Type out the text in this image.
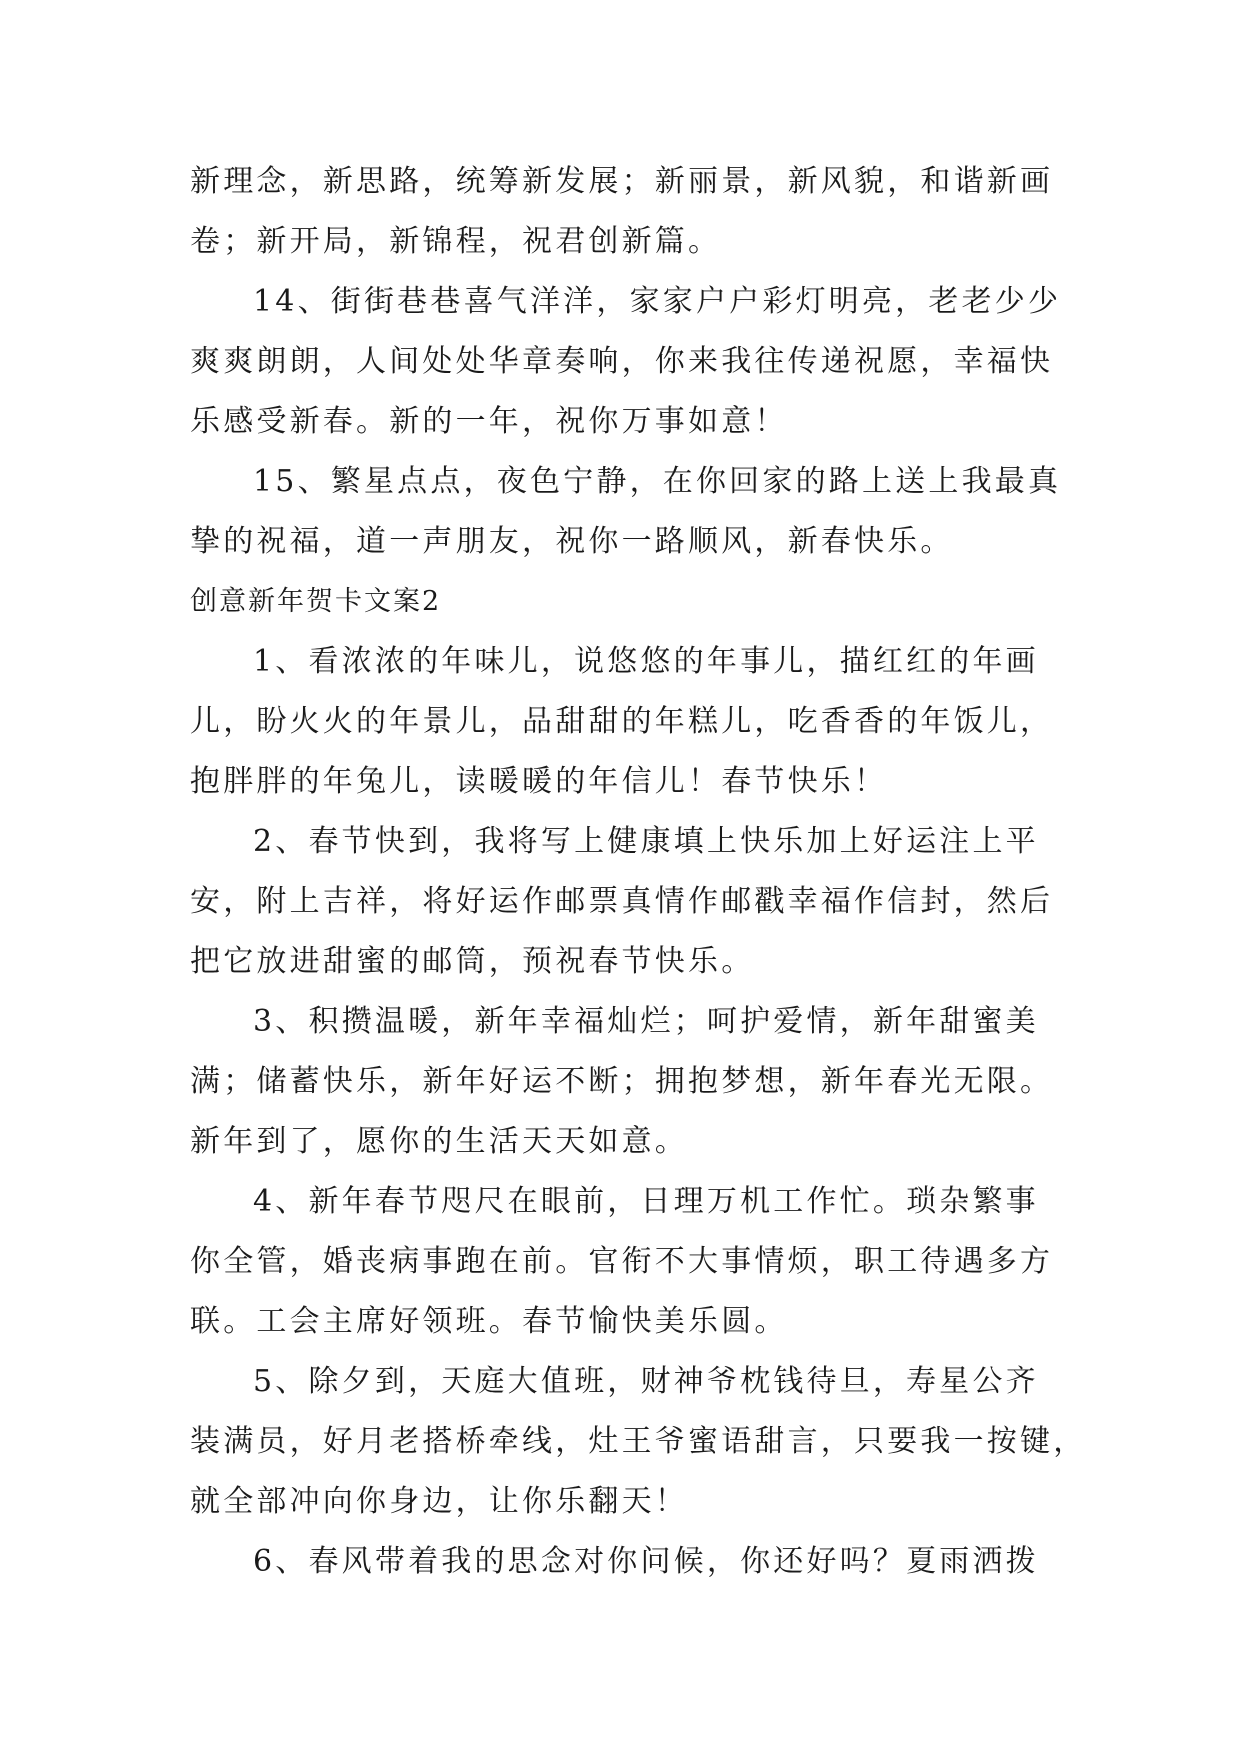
新理念，新思路，统筹新发展；新丽景，新风貌，和谐新画
卷；新开局，新锦程，祝君创新篇。
14、街街巷巷喜气洋洋，家家户户彩灯明亮，老老少少
爽爽朗朗，人间处处华章奏响，你来我往传递祝愿，幸福快
乐感受新春。新的一年，祝你万事如意！
15、繁星点点，夜色宁静，在你回家的路上送上我最真
挚的祝福，道一声朋友，祝你一路顺风，新春快乐。
创意新年贺卡文案2
1、看浓浓的年味儿，说悠悠的年事儿，描红红的年画
儿，盼火火的年景儿，品甜甜的年糕儿，吃香香的年饭儿，
抱胖胖的年兔儿，读暖暖的年信儿！春节快乐！
2、春节快到，我将写上健康填上快乐加上好运注上平
安，附上吉祥，将好运作邮票真情作邮戳幸福作信封，然后
把它放进甜蜜的邮筒，预祝春节快乐。
3、积攒温暖，新年幸福灿烂；呵护爱情，新年甜蜜美
满；储蓄快乐，新年好运不断；拥抱梦想，新年春光无限。
新年到了，愿你的生活天天如意。
4、新年春节咫尺在眼前，日理万机工作忙。琐杂繁事
你全管，婚丧病事跑在前。官衔不大事情烦，职工待遇多方
联。工会主席好领班。春节愉快美乐圆。
5、除夕到，天庭大值班，财神爷枕钱待旦，寿星公齐
装满员，好月老搭桥牵线，灶王爷蜜语甜言，只要我一按键，
就全部冲向你身边，让你乐翻天！
6、春风带着我的思念对你问候，你还好吗？夏雨洒拨
